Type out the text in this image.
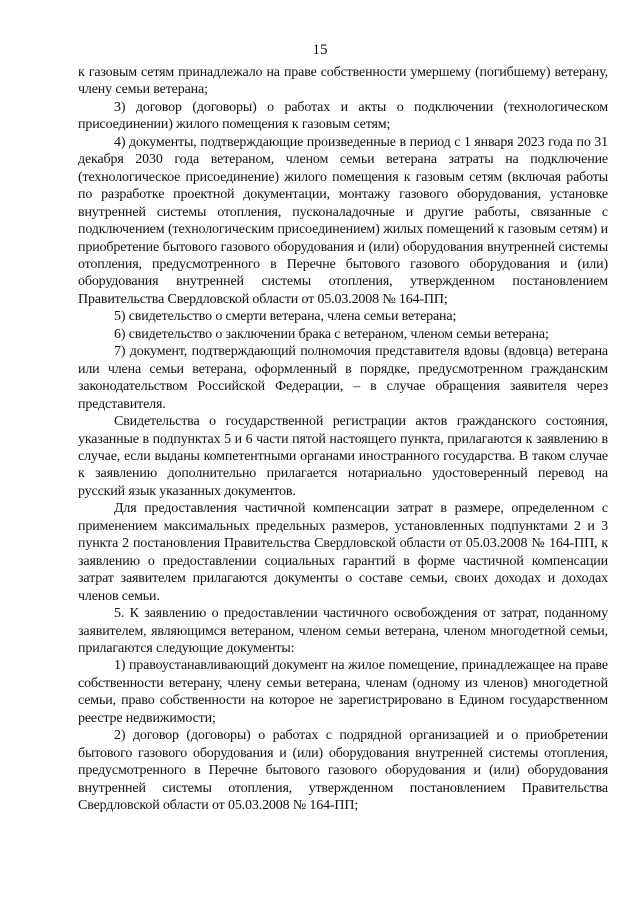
15

к газовым сетям принадлежало на праве собственности умершему (погибшему) ветерану, члену семьи ветерана;

3) договор (договоры) о работах и акты о подключении (технологическом присоединении) жилого помещения к газовым сетям;

4) документы, подтверждающие произведенные в период с 1 января 2023 года по 31 декабря 2030 года ветераном, членом семьи ветерана затраты на подключение (технологическое присоединение) жилого помещения к газовым сетям (включая работы по разработке проектной документации, монтажу газового оборудования, установке внутренней системы отопления, пусконаладочные и другие работы, связанные с подключением (технологическим присоединением) жилых помещений к газовым сетям) и приобретение бытового газового оборудования и (или) оборудования внутренней системы отопления, предусмотренного в Перечне бытового газового оборудования и (или) оборудования внутренней системы отопления, утвержденном постановлением Правительства Свердловской области от 05.03.2008 № 164-ПП;

5) свидетельство о смерти ветерана, члена семьи ветерана;

6) свидетельство о заключении брака с ветераном, членом семьи ветерана;

7) документ, подтверждающий полномочия представителя вдовы (вдовца) ветерана или члена семьи ветерана, оформленный в порядке, предусмотренном гражданским законодательством Российской Федерации, – в случае обращения заявителя через представителя.

Свидетельства о государственной регистрации актов гражданского состояния, указанные в подпунктах 5 и 6 части пятой настоящего пункта, прилагаются к заявлению в случае, если выданы компетентными органами иностранного государства. В таком случае к заявлению дополнительно прилагается нотариально удостоверенный перевод на русский язык указанных документов.

Для предоставления частичной компенсации затрат в размере, определенном с применением максимальных предельных размеров, установленных подпунктами 2 и 3 пункта 2 постановления Правительства Свердловской области от 05.03.2008 № 164-ПП, к заявлению о предоставлении социальных гарантий в форме частичной компенсации затрат заявителем прилагаются документы о составе семьи, своих доходах и доходах членов семьи.

5. К заявлению о предоставлении частичного освобождения от затрат, поданному заявителем, являющимся ветераном, членом семьи ветерана, членом многодетной семьи, прилагаются следующие документы:

1) правоустанавливающий документ на жилое помещение, принадлежащее на праве собственности ветерану, члену семьи ветерана, членам (одному из членов) многодетной семьи, право собственности на которое не зарегистрировано в Едином государственном реестре недвижимости;

2) договор (договоры) о работах с подрядной организацией и о приобретении бытового газового оборудования и (или) оборудования внутренней системы отопления, предусмотренного в Перечне бытового газового оборудования и (или) оборудования внутренней системы отопления, утвержденном постановлением Правительства Свердловской области от 05.03.2008 № 164-ПП;
